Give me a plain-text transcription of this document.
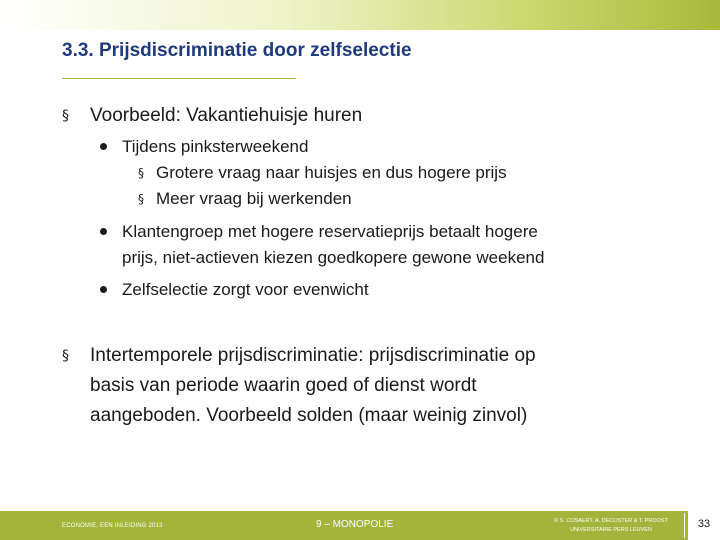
3.3. Prijsdiscriminatie door zelfselectie
§ Voorbeeld: Vakantiehuisje huren
Tijdens pinksterweekend
§ Grotere vraag naar huisjes en dus hogere prijs
§ Meer vraag bij werkenden
Klantengroep met hogere reservatieprijs betaalt hogere
prijs, niet-actieven kiezen goedkopere gewone weekend
Zelfselectie zorgt voor evenwicht
§ Intertemporele prijsdiscriminatie: prijsdiscriminatie op
basis van periode waarin goed of dienst wordt
aangeboden. Voorbeeld solden (maar weinig zinvol)
ECONOMIE, EEN INLEIDING 2013	9 – MONOPOLIE	© S. COSAERT, A. DECOSTER & T. PROOST
UNIVERSITAIRE PERS LEUVEN	33
